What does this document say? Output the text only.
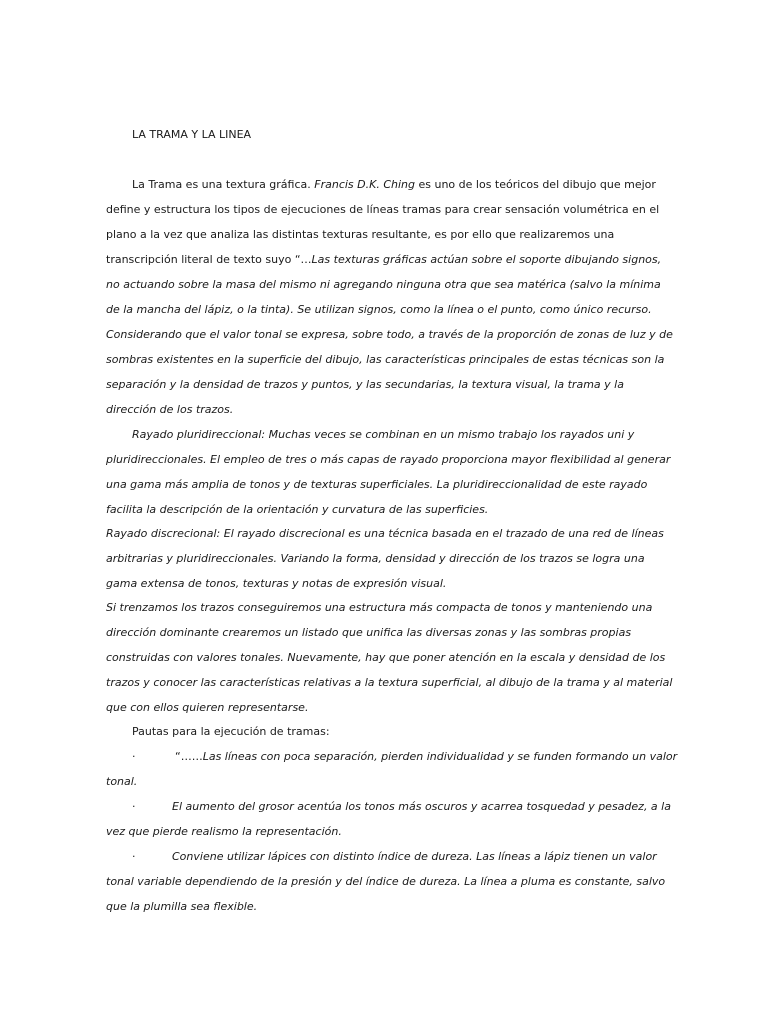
LA TRAMA Y LA LINEA
La Trama es una textura gráfica. Francis D.K. Ching es uno de los teóricos del dibujo que mejor
define y estructura los tipos de ejecuciones de líneas tramas para crear sensación volumétrica en el
plano a la vez que analiza las distintas texturas resultante, es por ello que realizaremos una
transcripción literal de texto suyo “…Las texturas gráficas actúan sobre el soporte dibujando signos,
no actuando sobre la masa del mismo ni agregando ninguna otra que sea matérica (salvo la mínima
de la mancha del lápiz, o la tinta). Se utilizan signos, como la línea o el punto, como único recurso.
Considerando que el valor tonal se expresa, sobre todo, a través de la proporción de zonas de luz y de
sombras existentes en la superficie del dibujo, las características principales de estas técnicas son la
separación y la densidad de trazos y puntos, y las secundarias, la textura visual, la trama y la
dirección de los trazos.
Rayado pluridireccional: Muchas veces se combinan en un mismo trabajo los rayados uni y
pluridireccionales. El empleo de tres o más capas de rayado proporciona mayor flexibilidad al generar
una gama más amplia de tonos y de texturas superficiales. La pluridireccionalidad de este rayado
facilita la descripción de la orientación y curvatura de las superficies.
Rayado discrecional: El rayado discrecional es una técnica basada en el trazado de una red de líneas
arbitrarias y pluridireccionales. Variando la forma, densidad y dirección de los trazos se logra una
gama extensa de tonos, texturas y notas de expresión visual.
Si trenzamos los trazos conseguiremos una estructura más compacta de tonos y manteniendo una
dirección dominante crearemos un listado que unifica las diversas zonas y las sombras propias
construidas con valores tonales. Nuevamente, hay que poner atención en la escala y densidad de los
trazos y conocer las características relativas a la textura superficial, al dibujo de la trama y al material
que con ellos quieren representarse.
Pautas para la ejecución de tramas:
·	“……Las líneas con poca separación, pierden individualidad y se funden formando un valor
tonal.
·	El aumento del grosor acentúa los tonos más oscuros y acarrea tosquedad y pesadez, a la
vez que pierde realismo la representación.
·	Conviene utilizar lápices con distinto índice de dureza. Las líneas a lápiz tienen un valor
tonal variable dependiendo de la presión y del índice de dureza. La línea a pluma es constante, salvo
que la plumilla sea flexible.
